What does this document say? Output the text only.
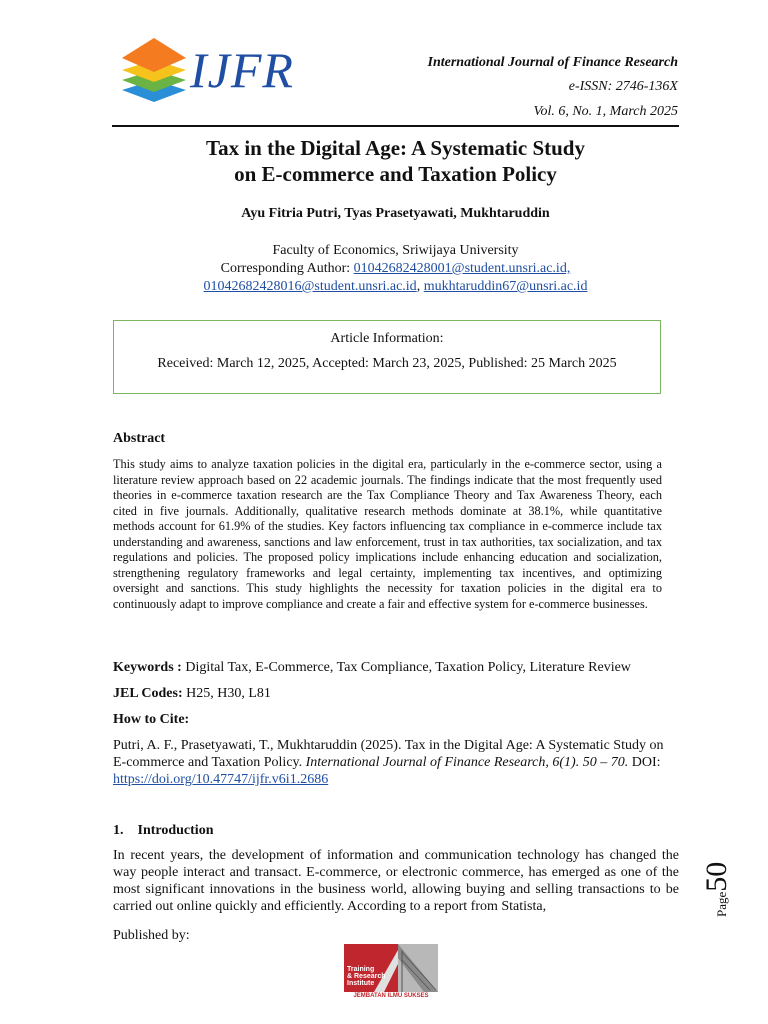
IJFR	International Journal of Finance Research
e-ISSN: 2746-136X
Vol. 6, No. 1, March 2025
Tax in the Digital Age: A Systematic Study
on E-commerce and Taxation Policy
Ayu Fitria Putri, Tyas Prasetyawati, Mukhtaruddin
Faculty of Economics, Sriwijaya University
Corresponding Author: 01042682428001@student.unsri.ac.id,
01042682428016@student.unsri.ac.id, mukhtaruddin67@unsri.ac.id
Article Information:
Received: March 12, 2025, Accepted: March 23, 2025, Published: 25 March 2025
Abstract

This study aims to analyze taxation policies in the digital era, particularly in the e-commerce sector, using a literature review approach based on 22 academic journals. The findings indicate that the most frequently used theories in e-commerce taxation research are the Tax Compliance Theory and Tax Awareness Theory, each cited in five journals. Additionally, qualitative research methods dominate at 38.1%, while quantitative methods account for 61.9% of the studies. Key factors influencing tax compliance in e-commerce include tax understanding and awareness, sanctions and law enforcement, trust in tax authorities, tax socialization, and tax regulations and policies. The proposed policy implications include enhancing education and socialization, strengthening regulatory frameworks and legal certainty, implementing tax incentives, and optimizing oversight and sanctions. This study highlights the necessity for taxation policies in the digital era to continuously adapt to improve compliance and create a fair and effective system for e-commerce businesses.

Keywords : Digital Tax, E-Commerce, Tax Compliance, Taxation Policy, Literature Review
JEL Codes: H25, H30, L81
How to Cite:

Putri, A. F., Prasetyawati, T., Mukhtaruddin (2025). Tax in the Digital Age: A Systematic Study on E-commerce and Taxation Policy. International Journal of Finance Research, 6(1). 50 – 70. DOI: https://doi.org/10.47747/ijfr.v6i1.2686

1.    Introduction

In recent years, the development of information and communication technology has changed the way people interact and transact. E-commerce, or electronic commerce, has emerged as one of the most significant innovations in the business world, allowing buying and selling transactions to be carried out online quickly and efficiently. According to a report from Statista,

Published by:
Training
& Research
Institute
JEMBATAN ILMU SUKSES
Page50
